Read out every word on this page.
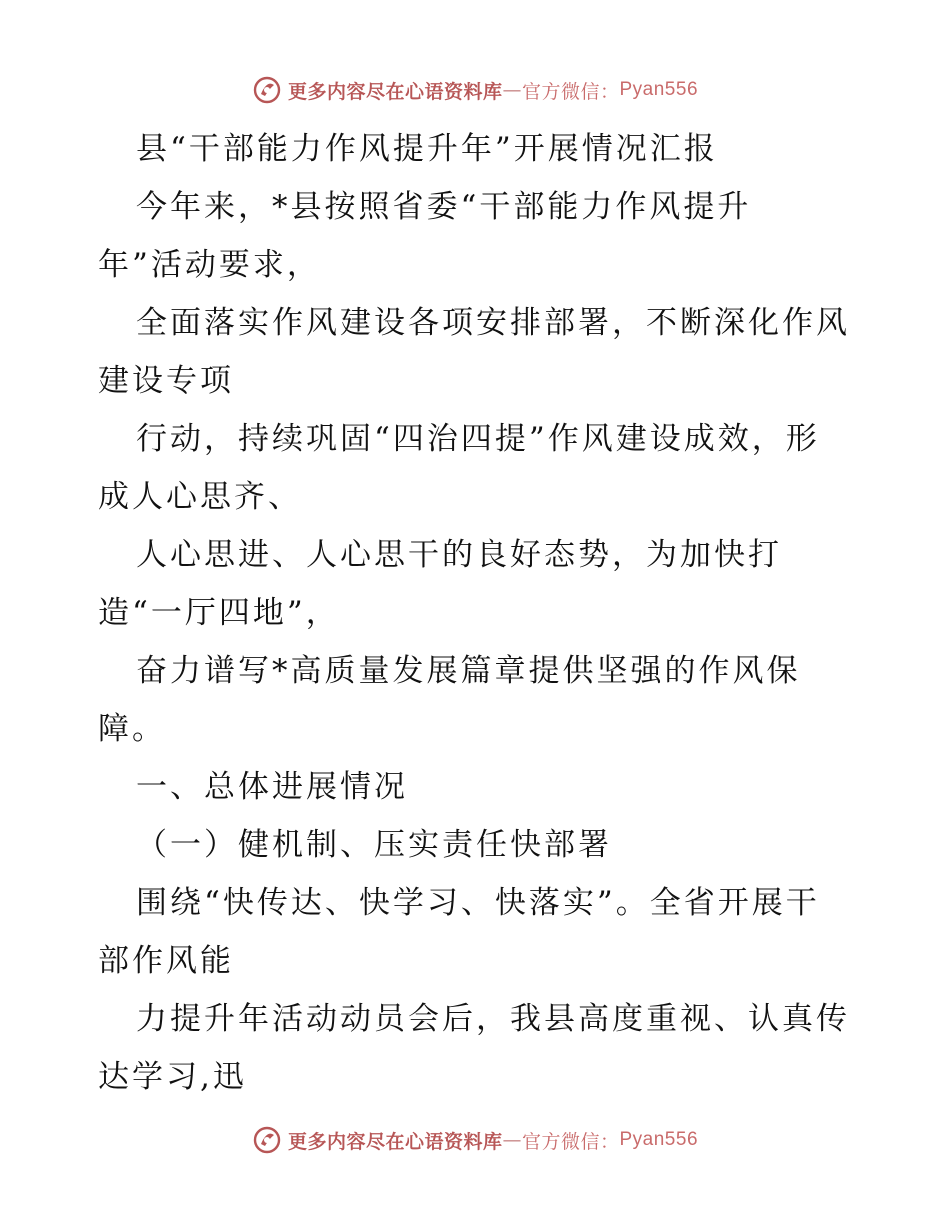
更多内容尽在心语资料库 — 官方微信： Pyan556

县“干部能力作风提升年”开展情况汇报

今年来，*县按照省委“干部能力作风提升

年”活动要求，

全面落实作风建设各项安排部署，不断深化作风

建设专项

行动，持续巩固“四治四提”作风建设成效，形

成人心思齐、

人心思进、人心思干的良好态势，为加快打

造“一厅四地”，

奋力谱写*高质量发展篇章提供坚强的作风保

障。

一、总体进展情况

（一）健机制、压实责任快部署

围绕“快传达、快学习、快落实”。全省开展干

部作风能

力提升年活动动员会后，我县高度重视、认真传

达学习,迅

更多内容尽在心语资料库 — 官方微信： Pyan556
